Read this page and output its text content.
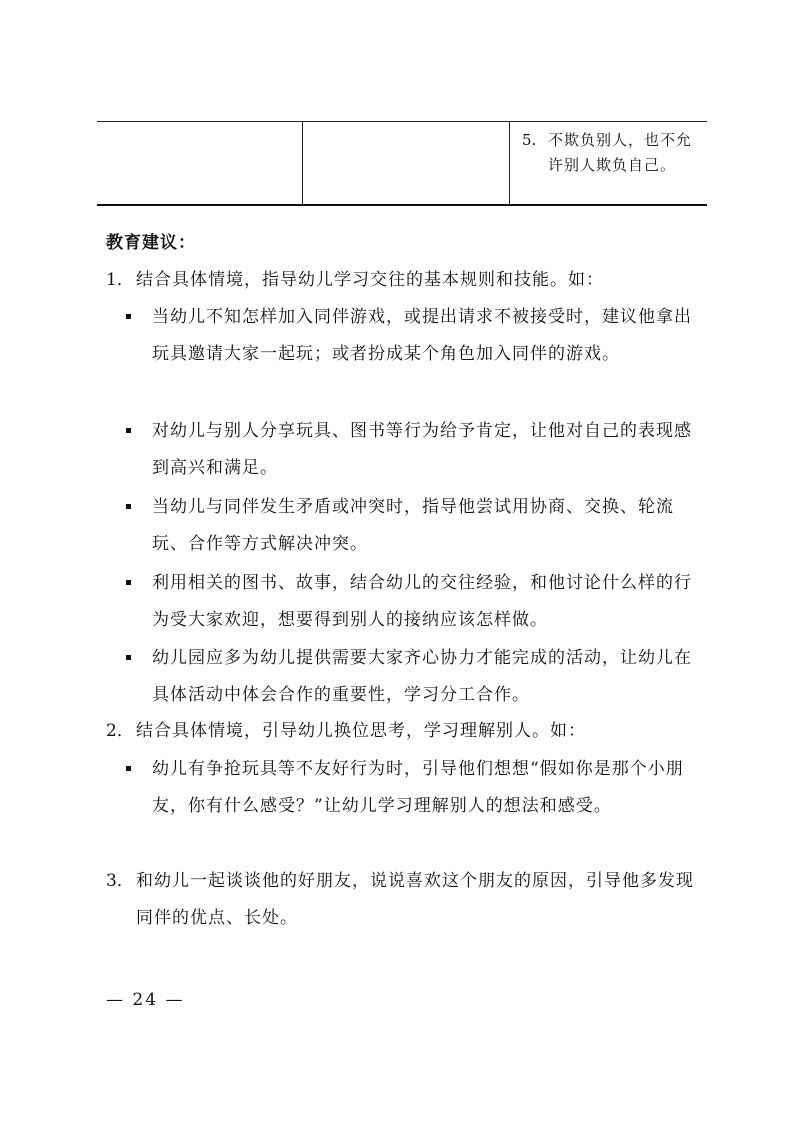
5. 不欺负别人，也不允许别人欺负自己。
教育建议：
1． 结合具体情境，指导幼儿学习交往的基本规则和技能。如：
当幼儿不知怎样加入同伴游戏，或提出请求不被接受时，建议他拿出玩具邀请大家一起玩；或者扮成某个角色加入同伴的游戏。
对幼儿与别人分享玩具、图书等行为给予肯定，让他对自己的表现感到高兴和满足。
当幼儿与同伴发生矛盾或冲突时，指导他尝试用协商、交换、轮流玩、合作等方式解决冲突。
利用相关的图书、故事，结合幼儿的交往经验，和他讨论什么样的行为受大家欢迎，想要得到别人的接纳应该怎样做。
幼儿园应多为幼儿提供需要大家齐心协力才能完成的活动，让幼儿在具体活动中体会合作的重要性，学习分工合作。
2． 结合具体情境，引导幼儿换位思考，学习理解别人。如：
幼儿有争抢玩具等不友好行为时，引导他们想想“假如你是那个小朋友，你有什么感受？”让幼儿学习理解别人的想法和感受。
3． 和幼儿一起谈谈他的好朋友，说说喜欢这个朋友的原因，引导他多发现同伴的优点、长处。
— 24 —
